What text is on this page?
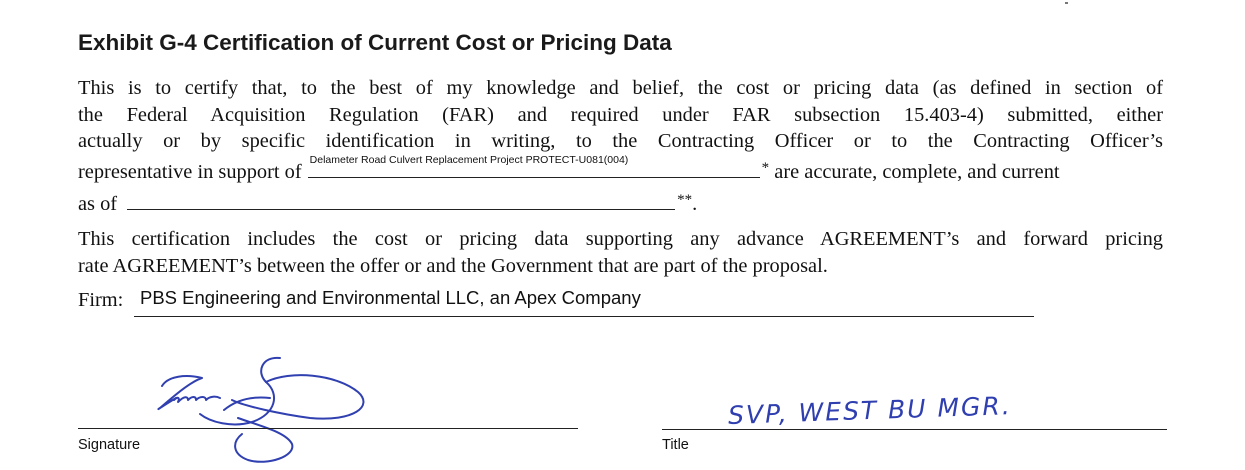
Exhibit G-4 Certification of Current Cost or Pricing Data
This is to certify that, to the best of my knowledge and belief, the cost or pricing data (as defined in section of
the Federal Acquisition Regulation (FAR) and required under FAR subsection 15.403-4) submitted, either
actually or by specific identification in writing, to the Contracting Officer or to the Contracting Officer’s
representative in support of
Delameter Road Culvert Replacement Project PROTECT-U081(004)	* are accurate, complete, and current
as of	**.
This certification includes the cost or pricing data supporting any advance AGREEMENT’s and forward pricing
rate AGREEMENT’s between the offer or and the Government that are part of the proposal.
Firm: PBS Engineering and Environmental LLC, an Apex Company
Signature
SVP, WEST BU MGR.
Title
